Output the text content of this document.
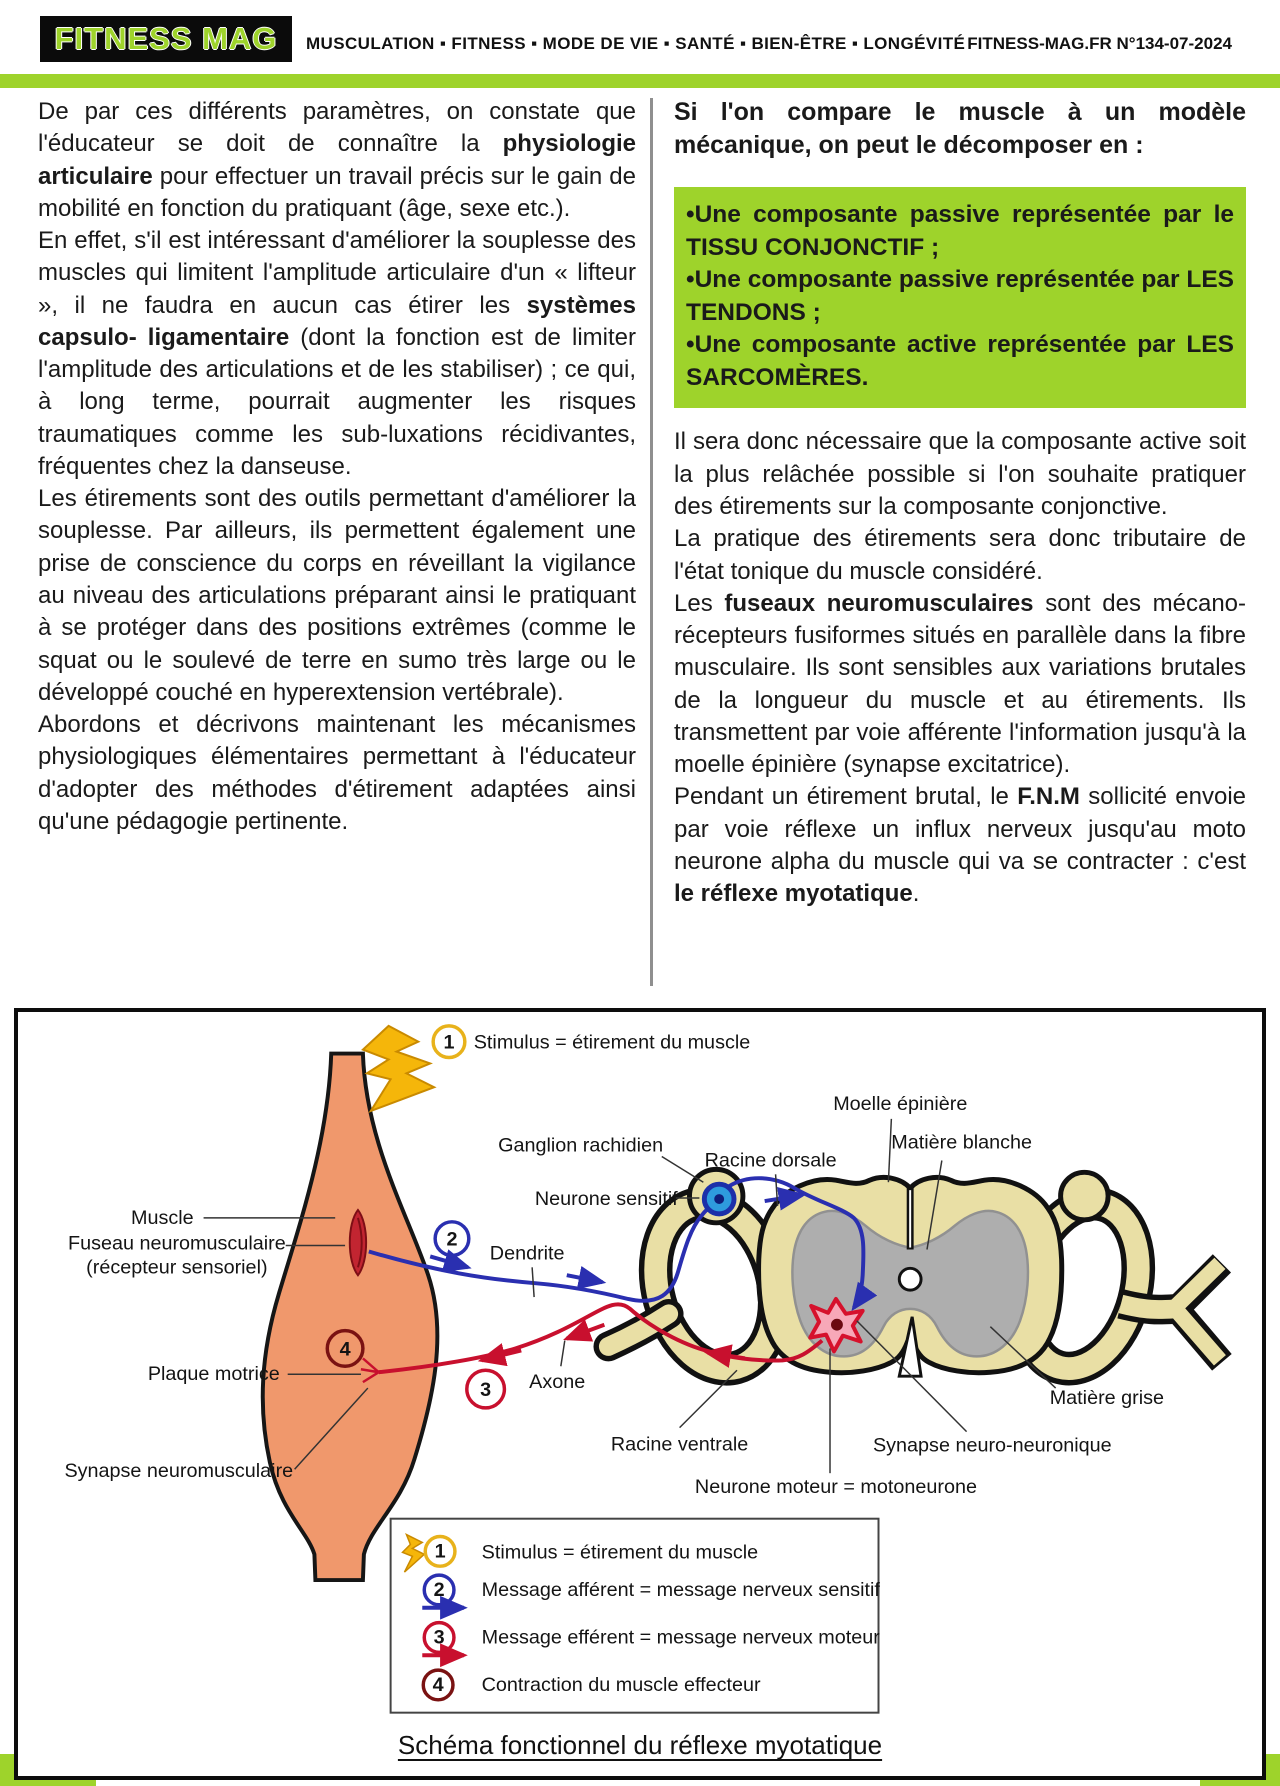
FITNESS MAG MUSCULATION ▪ FITNESS ▪ MODE DE VIE ▪ SANTÉ ▪ BIEN-ÊTRE ▪ LONGÉVITÉ FITNESS-MAG.FR N°134-07-2024

De par ces différents paramètres, on constate que l'éducateur se doit de connaître la physiologie articulaire pour effectuer un travail précis sur le gain de mobilité en fonction du pratiquant (âge, sexe etc.).

En effet, s'il est intéressant d'améliorer la souplesse des muscles qui limitent l'amplitude articulaire d'un « lifteur », il ne faudra en aucun cas étirer les systèmes capsulo- ligamentaire (dont la fonction est de limiter l'amplitude des articulations et de les stabiliser) ; ce qui, à long terme, pourrait augmenter les risques traumatiques comme les sub-luxations récidivantes, fréquentes chez la danseuse.

Les étirements sont des outils permettant d'améliorer la souplesse. Par ailleurs, ils permettent également une prise de conscience du corps en réveillant la vigilance au niveau des articulations préparant ainsi le pratiquant à se protéger dans des positions extrêmes (comme le squat ou le soulevé de terre en sumo très large ou le développé couché en hyperextension vertébrale).

Abordons et décrivons maintenant les mécanismes physiologiques élémentaires permettant à l'éducateur d'adopter des méthodes d'étirement adaptées ainsi qu'une pédagogie pertinente.

Si l'on compare le muscle à un modèle mécanique, on peut le décomposer en :

•Une composante passive représentée par le TISSU CONJONCTIF ;
•Une composante passive représentée par LES TENDONS ;
•Une composante active représentée par LES SARCOMÈRES.

Il sera donc nécessaire que la composante active soit la plus relâchée possible si l'on souhaite pratiquer des étirements sur la composante conjonctive.

La pratique des étirements sera donc tributaire de l'état tonique du muscle considéré.

Les fuseaux neuromusculaires sont des mécano-récepteurs fusiformes situés en parallèle dans la fibre musculaire. Ils sont sensibles aux variations brutales de la longueur du muscle et au étirements. Ils transmettent par voie afférente l'information jusqu'à la moelle épinière (synapse excitatrice).

Pendant un étirement brutal, le F.N.M sollicité envoie par voie réflexe un influx nerveux jusqu'au moto neurone alpha du muscle qui va se contracter : c'est le réflexe myotatique.

1
2
3
4
Stimulus = étirement du muscle
Muscle
Fuseau neuromusculaire
(récepteur sensoriel)
Plaque motrice
Synapse neuromusculaire
Ganglion rachidien
Neurone sensitif
Dendrite
Axone
Moelle épinière
Racine dorsale
Matière blanche
Matière grise
Racine ventrale	Synapse neuro-neuronique
Neurone moteur = motoneurone
1
2
3
4
Stimulus = étirement du muscle
Message afférent = message nerveux sensitif
Message efférent = message nerveux moteur
Contraction du muscle effecteur
Schéma fonctionnel du réflexe myotatique
